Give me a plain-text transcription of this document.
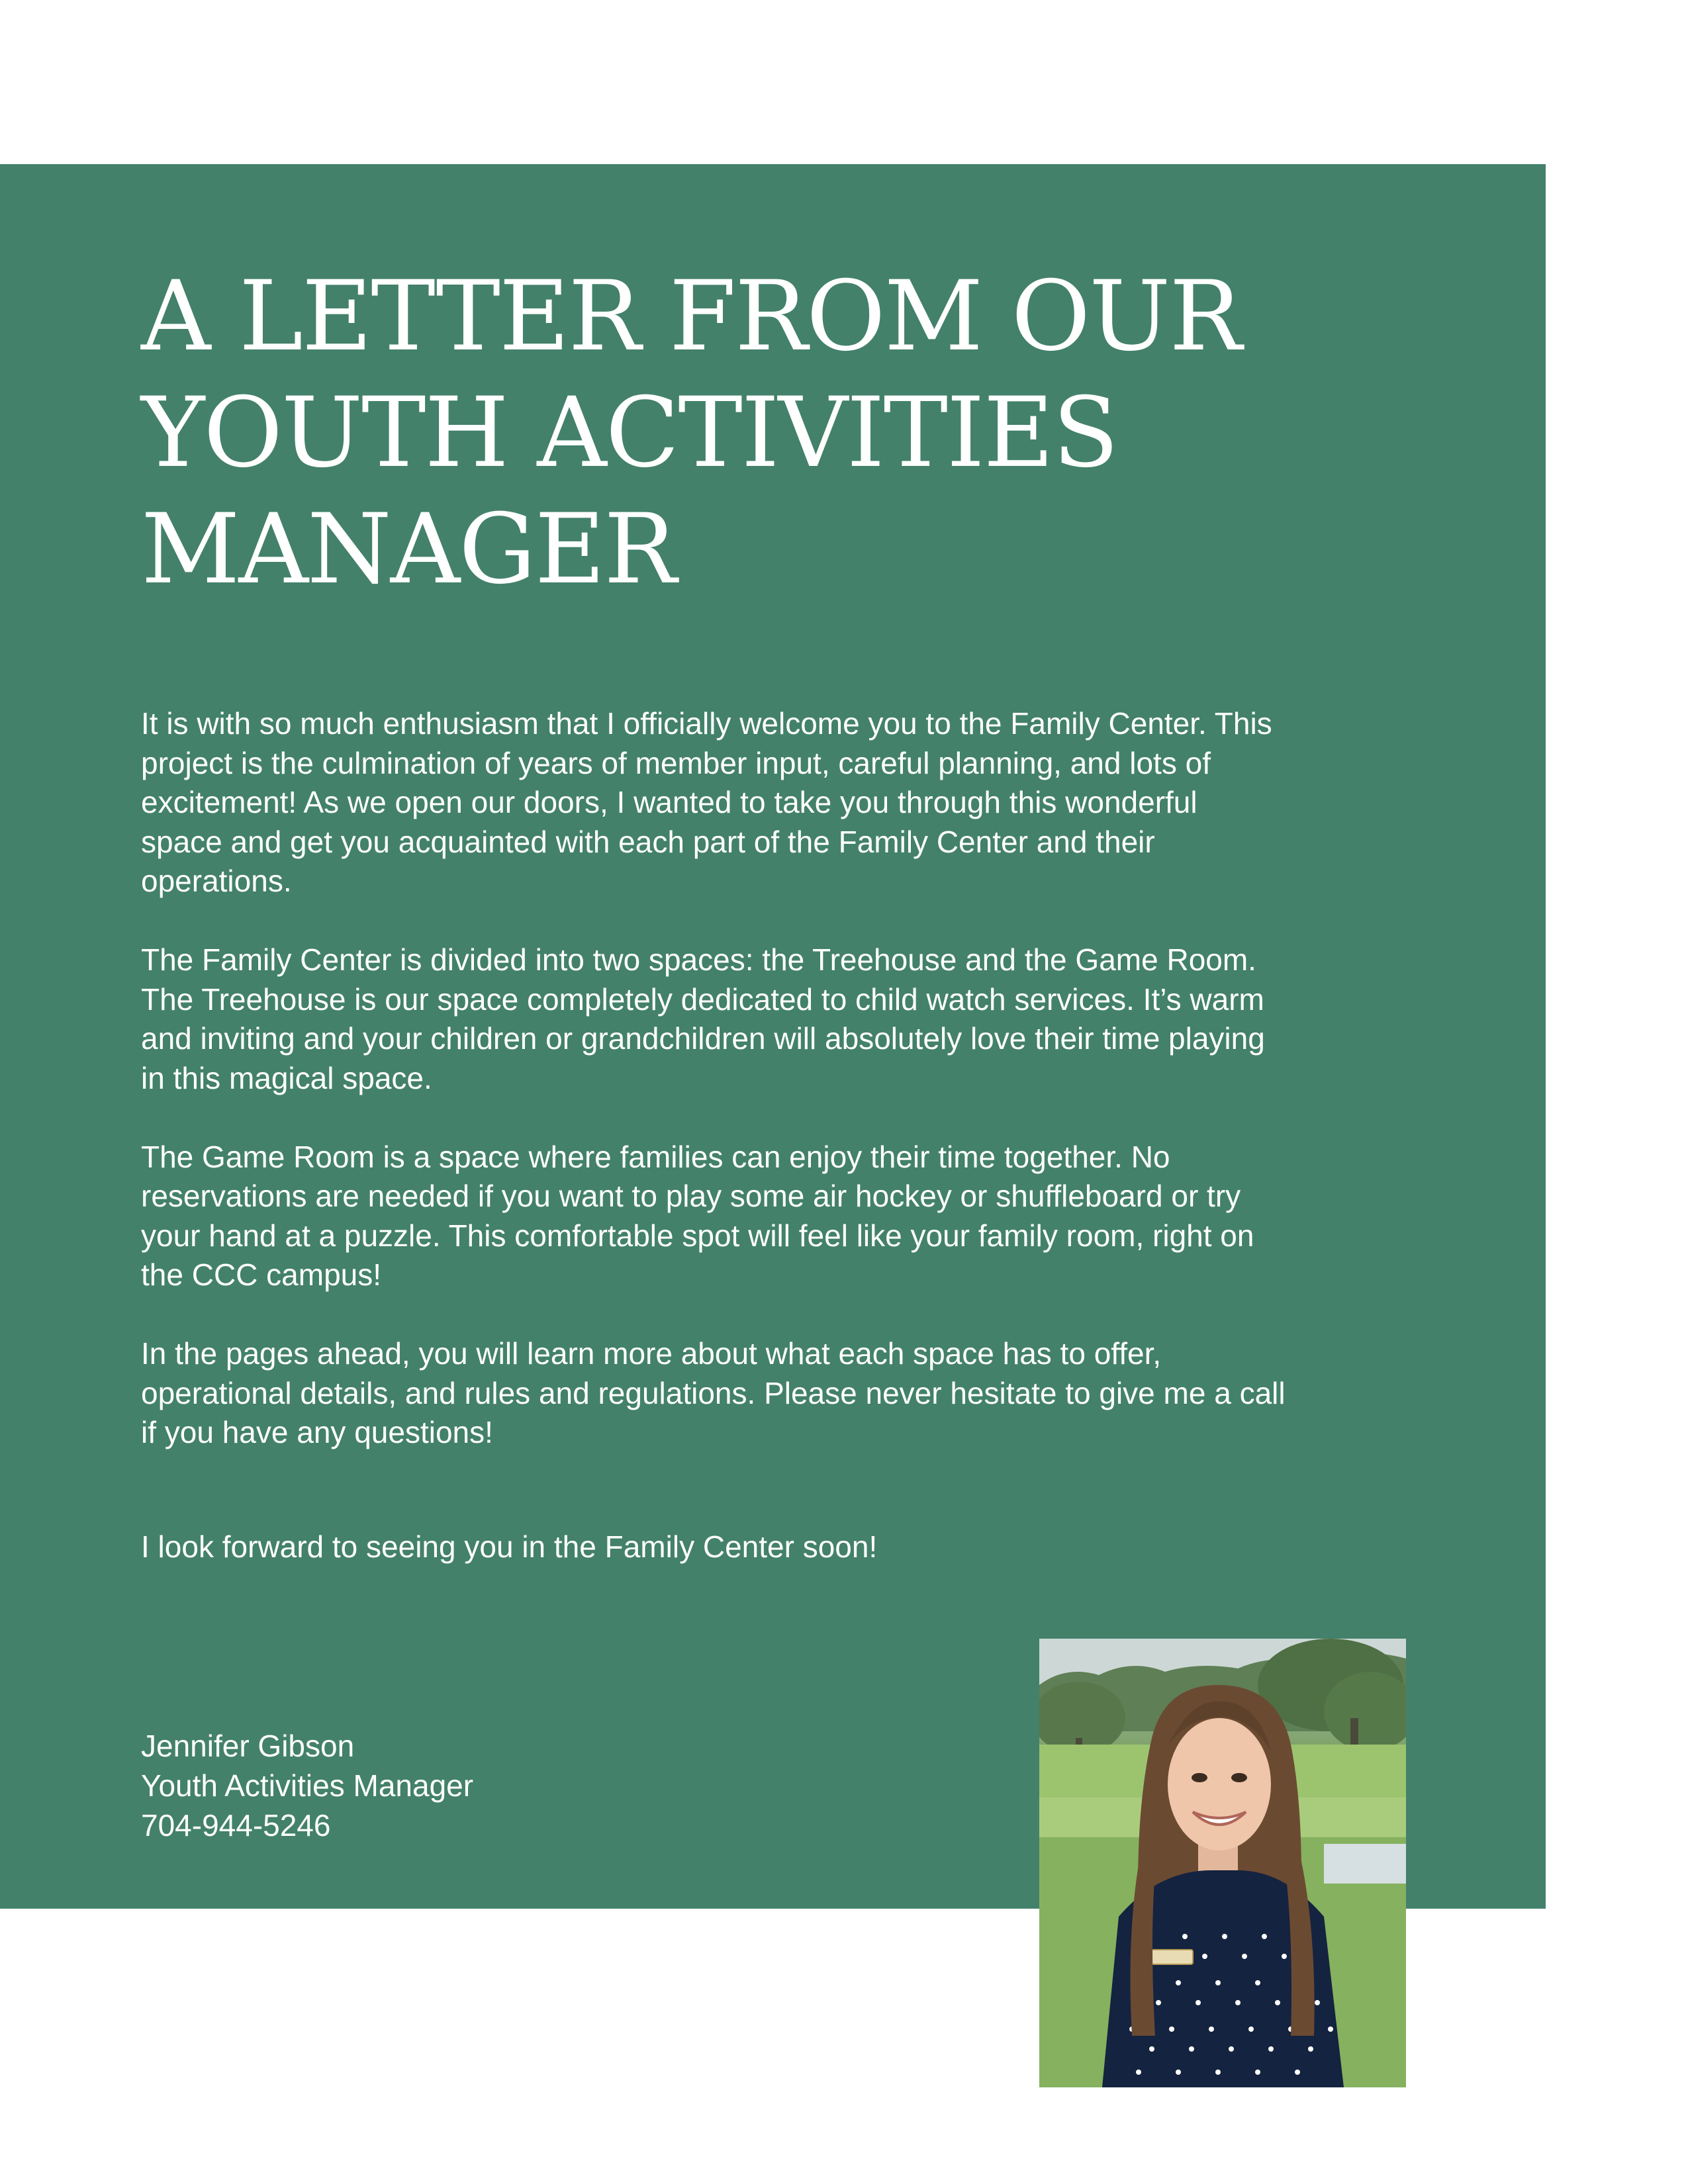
A LETTER FROM OUR
YOUTH ACTIVITIES
MANAGER

It is with so much enthusiasm that I officially welcome you to the Family Center. This
project is the culmination of years of member input, careful planning, and lots of
excitement! As we open our doors, I wanted to take you through this wonderful
space and get you acquainted with each part of the Family Center and their
operations.

The Family Center is divided into two spaces: the Treehouse and the Game Room.
The Treehouse is our space completely dedicated to child watch services. It’s warm
and inviting and your children or grandchildren will absolutely love their time playing
in this magical space.

The Game Room is a space where families can enjoy their time together. No
reservations are needed if you want to play some air hockey or shuffleboard or try
your hand at a puzzle. This comfortable spot will feel like your family room, right on
the CCC campus!

In the pages ahead, you will learn more about what each space has to offer,
operational details, and rules and regulations. Please never hesitate to give me a call
if you have any questions!

I look forward to seeing you in the Family Center soon!

Jennifer Gibson
Youth Activities Manager
704-944-5246
